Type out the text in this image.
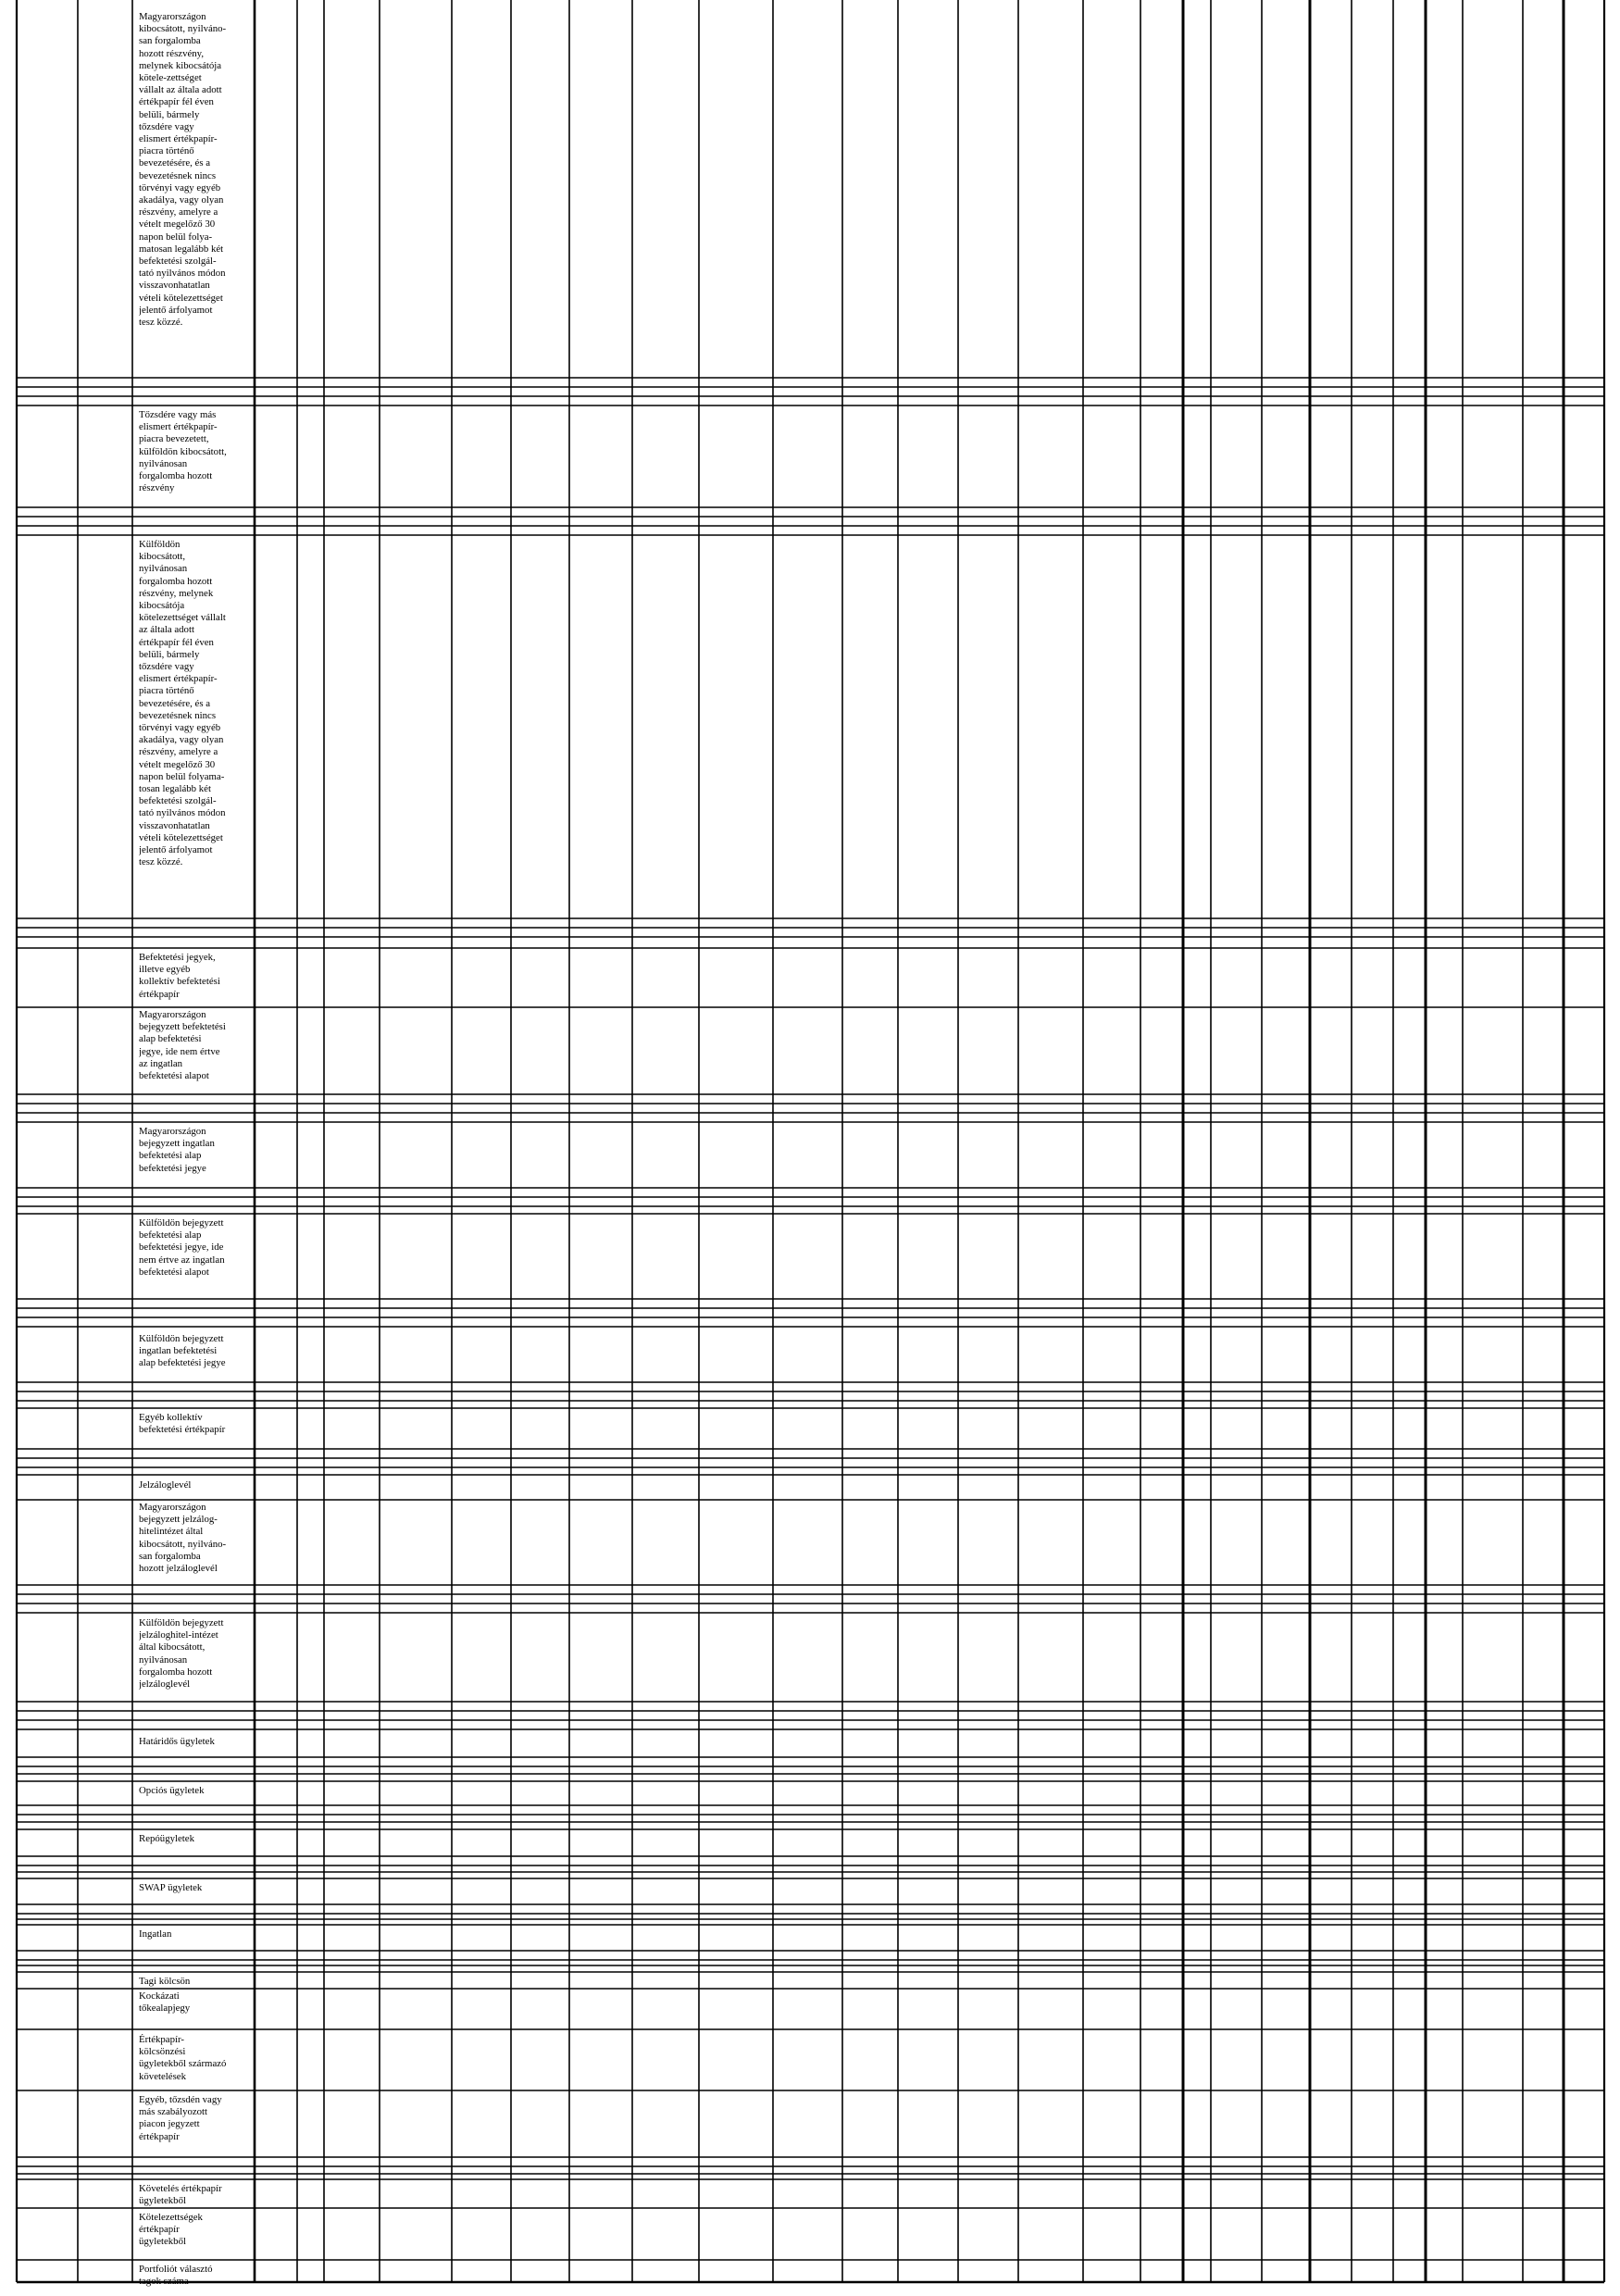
Magyarországon
kibocsátott, nyilváno-
san forgalomba
hozott részvény,
melynek kibocsátója
kötele-zettséget
vállalt az általa adott
értékpapír fél éven
belüli, bármely
tőzsdére vagy
elismert értékpapír-
piacra történő
bevezetésére, és a
bevezetésnek nincs
törvényi vagy egyéb
akadálya, vagy olyan
részvény, amelyre a
vételt megelőző 30
napon belül folya-
matosan legalább két
befektetési szolgál-
tató nyilvános módon
visszavonhatatlan
vételi kötelezettséget
jelentő árfolyamot
tesz közzé.
Tőzsdére vagy más
elismert értékpapír-
piacra bevezetett,
külföldön kibocsátott,
nyilvánosan
forgalomba hozott
részvény
Külföldön
kibocsátott,
nyilvánosan
forgalomba hozott
részvény, melynek
kibocsátója
kötelezettséget vállalt
az általa adott
értékpapír fél éven
belüli, bármely
tőzsdére vagy
elismert értékpapír-
piacra történő
bevezetésére, és a
bevezetésnek nincs
törvényi vagy egyéb
akadálya, vagy olyan
részvény, amelyre a
vételt megelőző 30
napon belül folyama-
tosan legalább két
befektetési szolgál-
tató nyilvános módon
visszavonhatatlan
vételi kötelezettséget
jelentő árfolyamot
tesz közzé.
Befektetési jegyek,
illetve egyéb
kollektív befektetési
értékpapír
Magyarországon
bejegyzett befektetési
alap befektetési
jegye, ide nem értve
az ingatlan
befektetési alapot
Magyarországon
bejegyzett ingatlan
befektetési alap
befektetési jegye
Külföldön bejegyzett
befektetési alap
befektetési jegye, ide
nem értve az ingatlan
befektetési alapot
Külföldön bejegyzett
ingatlan befektetési
alap befektetési jegye
Egyéb kollektív
befektetési értékpapír
Jelzáloglevél
Magyarországon
bejegyzett jelzálog-
hitelintézet által
kibocsátott, nyilváno-
san forgalomba
hozott jelzáloglevél
Külföldön bejegyzett
jelzáloghitel-intézet
által kibocsátott,
nyilvánosan
forgalomba hozott
jelzáloglevél
Határidős ügyletek
Opciós ügyletek
Repóügyletek
SWAP ügyletek
Ingatlan
Tagi kölcsön
Kockázati
tőkealapjegy
Értékpapír-
kölcsönzési
ügyletekből származó
követelések
Egyéb, tőzsdén vagy
más szabályozott
piacon jegyzett
értékpapír
Követelés értékpapír
ügyletekből
Kötelezettségek
értékpapír
ügyletekből
Portfoliót választó
tagok száma
